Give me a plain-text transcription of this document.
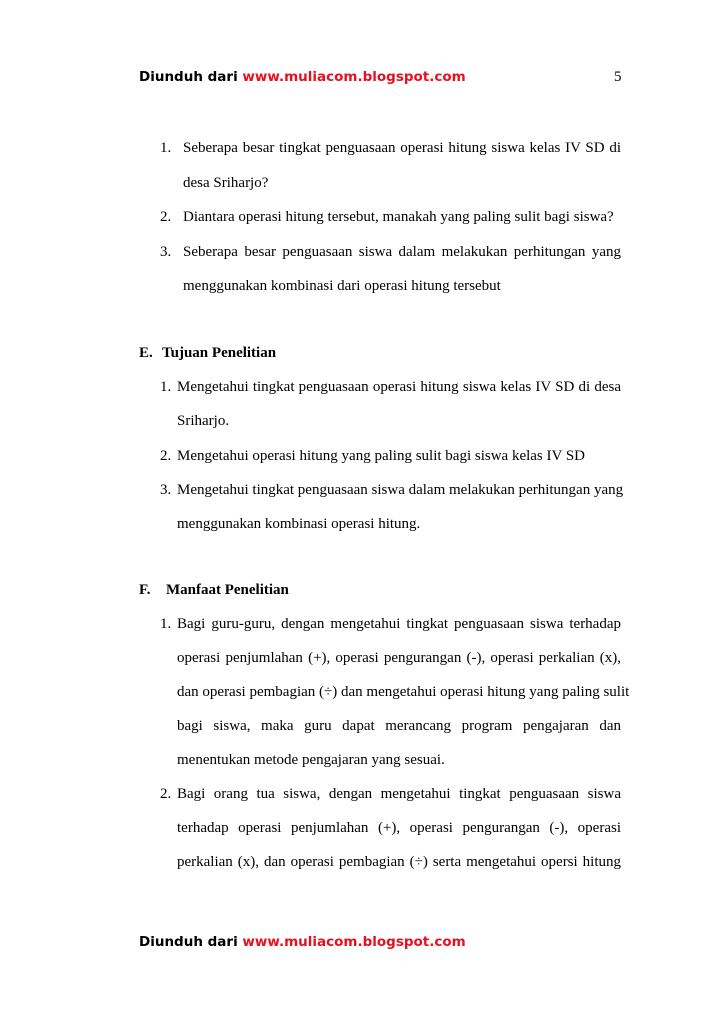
Diunduh dari www.muliacom.blogspot.com	5
1. Seberapa besar tingkat penguasaan operasi hitung siswa kelas IV SD di
desa Sriharjo?
2. Diantara operasi hitung tersebut, manakah yang paling sulit bagi siswa?
3. Seberapa besar penguasaan siswa dalam melakukan perhitungan yang
menggunakan kombinasi dari operasi hitung tersebut
E. Tujuan Penelitian
1. Mengetahui tingkat penguasaan operasi hitung siswa kelas IV SD di desa
Sriharjo.
2. Mengetahui operasi hitung yang paling sulit bagi siswa kelas IV SD
3. Mengetahui tingkat penguasaan siswa dalam melakukan perhitungan yang
menggunakan kombinasi operasi hitung.
F. Manfaat Penelitian
1. Bagi guru-guru, dengan mengetahui tingkat penguasaan siswa terhadap
operasi penjumlahan (+), operasi pengurangan (-), operasi perkalian (x),
dan operasi pembagian (÷) dan mengetahui operasi hitung yang paling sulit
bagi siswa, maka guru dapat merancang program pengajaran dan
menentukan metode pengajaran yang sesuai.
2. Bagi orang tua siswa, dengan mengetahui tingkat penguasaan siswa
terhadap operasi penjumlahan (+), operasi pengurangan (-), operasi
perkalian (x), dan operasi pembagian (÷) serta mengetahui opersi hitung
Diunduh dari www.muliacom.blogspot.com
